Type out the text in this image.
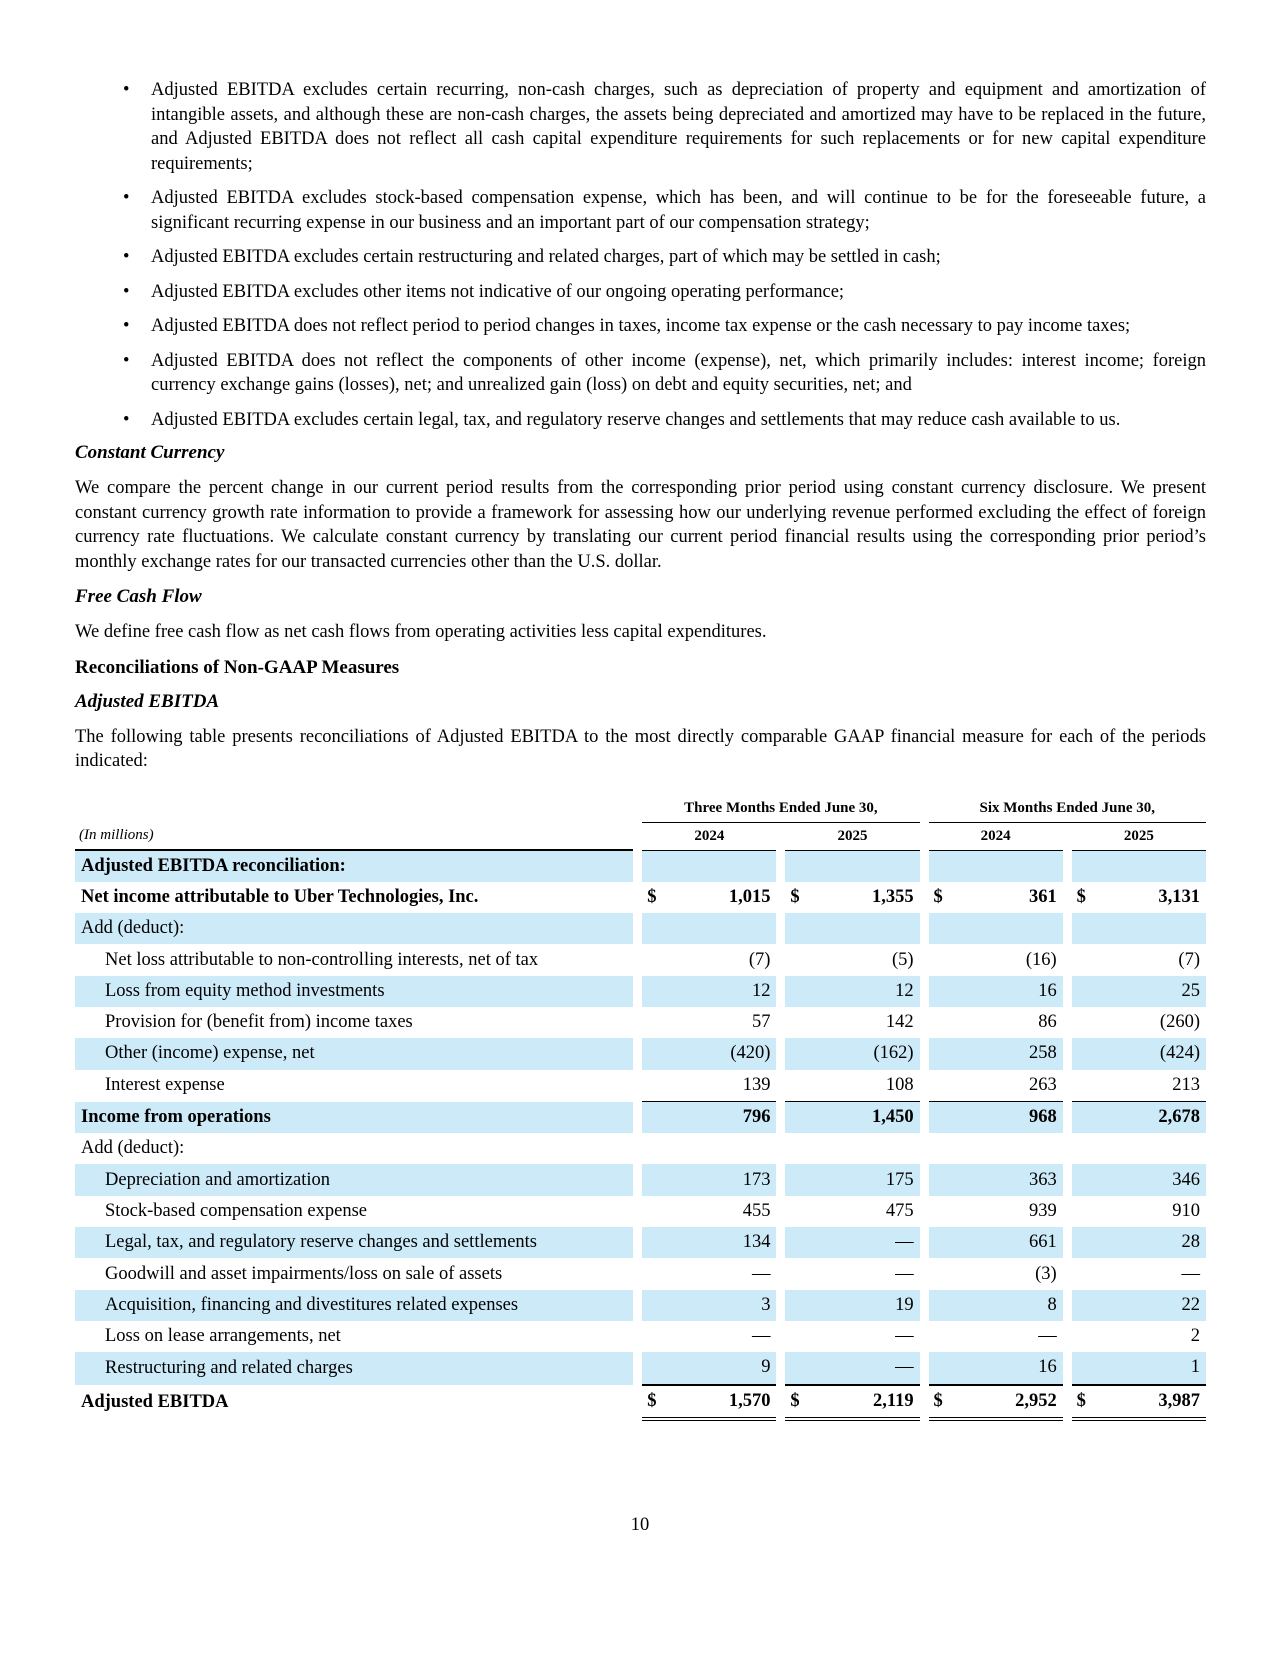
• Adjusted EBITDA excludes certain recurring, non-cash charges, such as depreciation of property and equipment and amortization of intangible assets, and although these are non-cash charges, the assets being depreciated and amortized may have to be replaced in the future, and Adjusted EBITDA does not reflect all cash capital expenditure requirements for such replacements or for new capital expenditure requirements;
• Adjusted EBITDA excludes stock-based compensation expense, which has been, and will continue to be for the foreseeable future, a significant recurring expense in our business and an important part of our compensation strategy;
• Adjusted EBITDA excludes certain restructuring and related charges, part of which may be settled in cash;
• Adjusted EBITDA excludes other items not indicative of our ongoing operating performance;
• Adjusted EBITDA does not reflect period to period changes in taxes, income tax expense or the cash necessary to pay income taxes;
• Adjusted EBITDA does not reflect the components of other income (expense), net, which primarily includes: interest income; foreign currency exchange gains (losses), net; and unrealized gain (loss) on debt and equity securities, net; and
• Adjusted EBITDA excludes certain legal, tax, and regulatory reserve changes and settlements that may reduce cash available to us.
Constant Currency

We compare the percent change in our current period results from the corresponding prior period using constant currency disclosure. We present constant currency growth rate information to provide a framework for assessing how our underlying revenue performed excluding the effect of foreign currency rate fluctuations. We calculate constant currency by translating our current period financial results using the corresponding prior period’s monthly exchange rates for our transacted currencies other than the U.S. dollar.

Free Cash Flow

We define free cash flow as net cash flows from operating activities less capital expenditures.

Reconciliations of Non-GAAP Measures
Adjusted EBITDA

The following table presents reconciliations of Adjusted EBITDA to the most directly comparable GAAP financial measure for each of the periods indicated:

		Three Months Ended June 30,						Six Months Ended June 30,				
(In millions)		2024			2025			2024			2025	
Adjusted EBITDA reconciliation:												
Net income attributable to Uber Technologies, Inc.		$	1,015		$	1,355		$	361		$	3,131
Add (deduct):												
Net loss attributable to non-controlling interests, net of tax			(7)			(5)			(16)			(7)
Loss from equity method investments			12			12			16			25
Provision for (benefit from) income taxes			57			142			86			(260)
Other (income) expense, net			(420)			(162)			258			(424)
Interest expense			139			108			263			213
Income from operations			796			1,450			968			2,678
Add (deduct):												
Depreciation and amortization			173			175			363			346
Stock-based compensation expense			455			475			939			910
Legal, tax, and regulatory reserve changes and settlements			134			—			661			28
Goodwill and asset impairments/loss on sale of assets			—			—			(3)			—
Acquisition, financing and divestitures related expenses			3			19			8			22
Loss on lease arrangements, net			—			—			—			2
Restructuring and related charges			9			—			16			1
Adjusted EBITDA		$	1,570		$	2,119		$	2,952		$	3,987
10
